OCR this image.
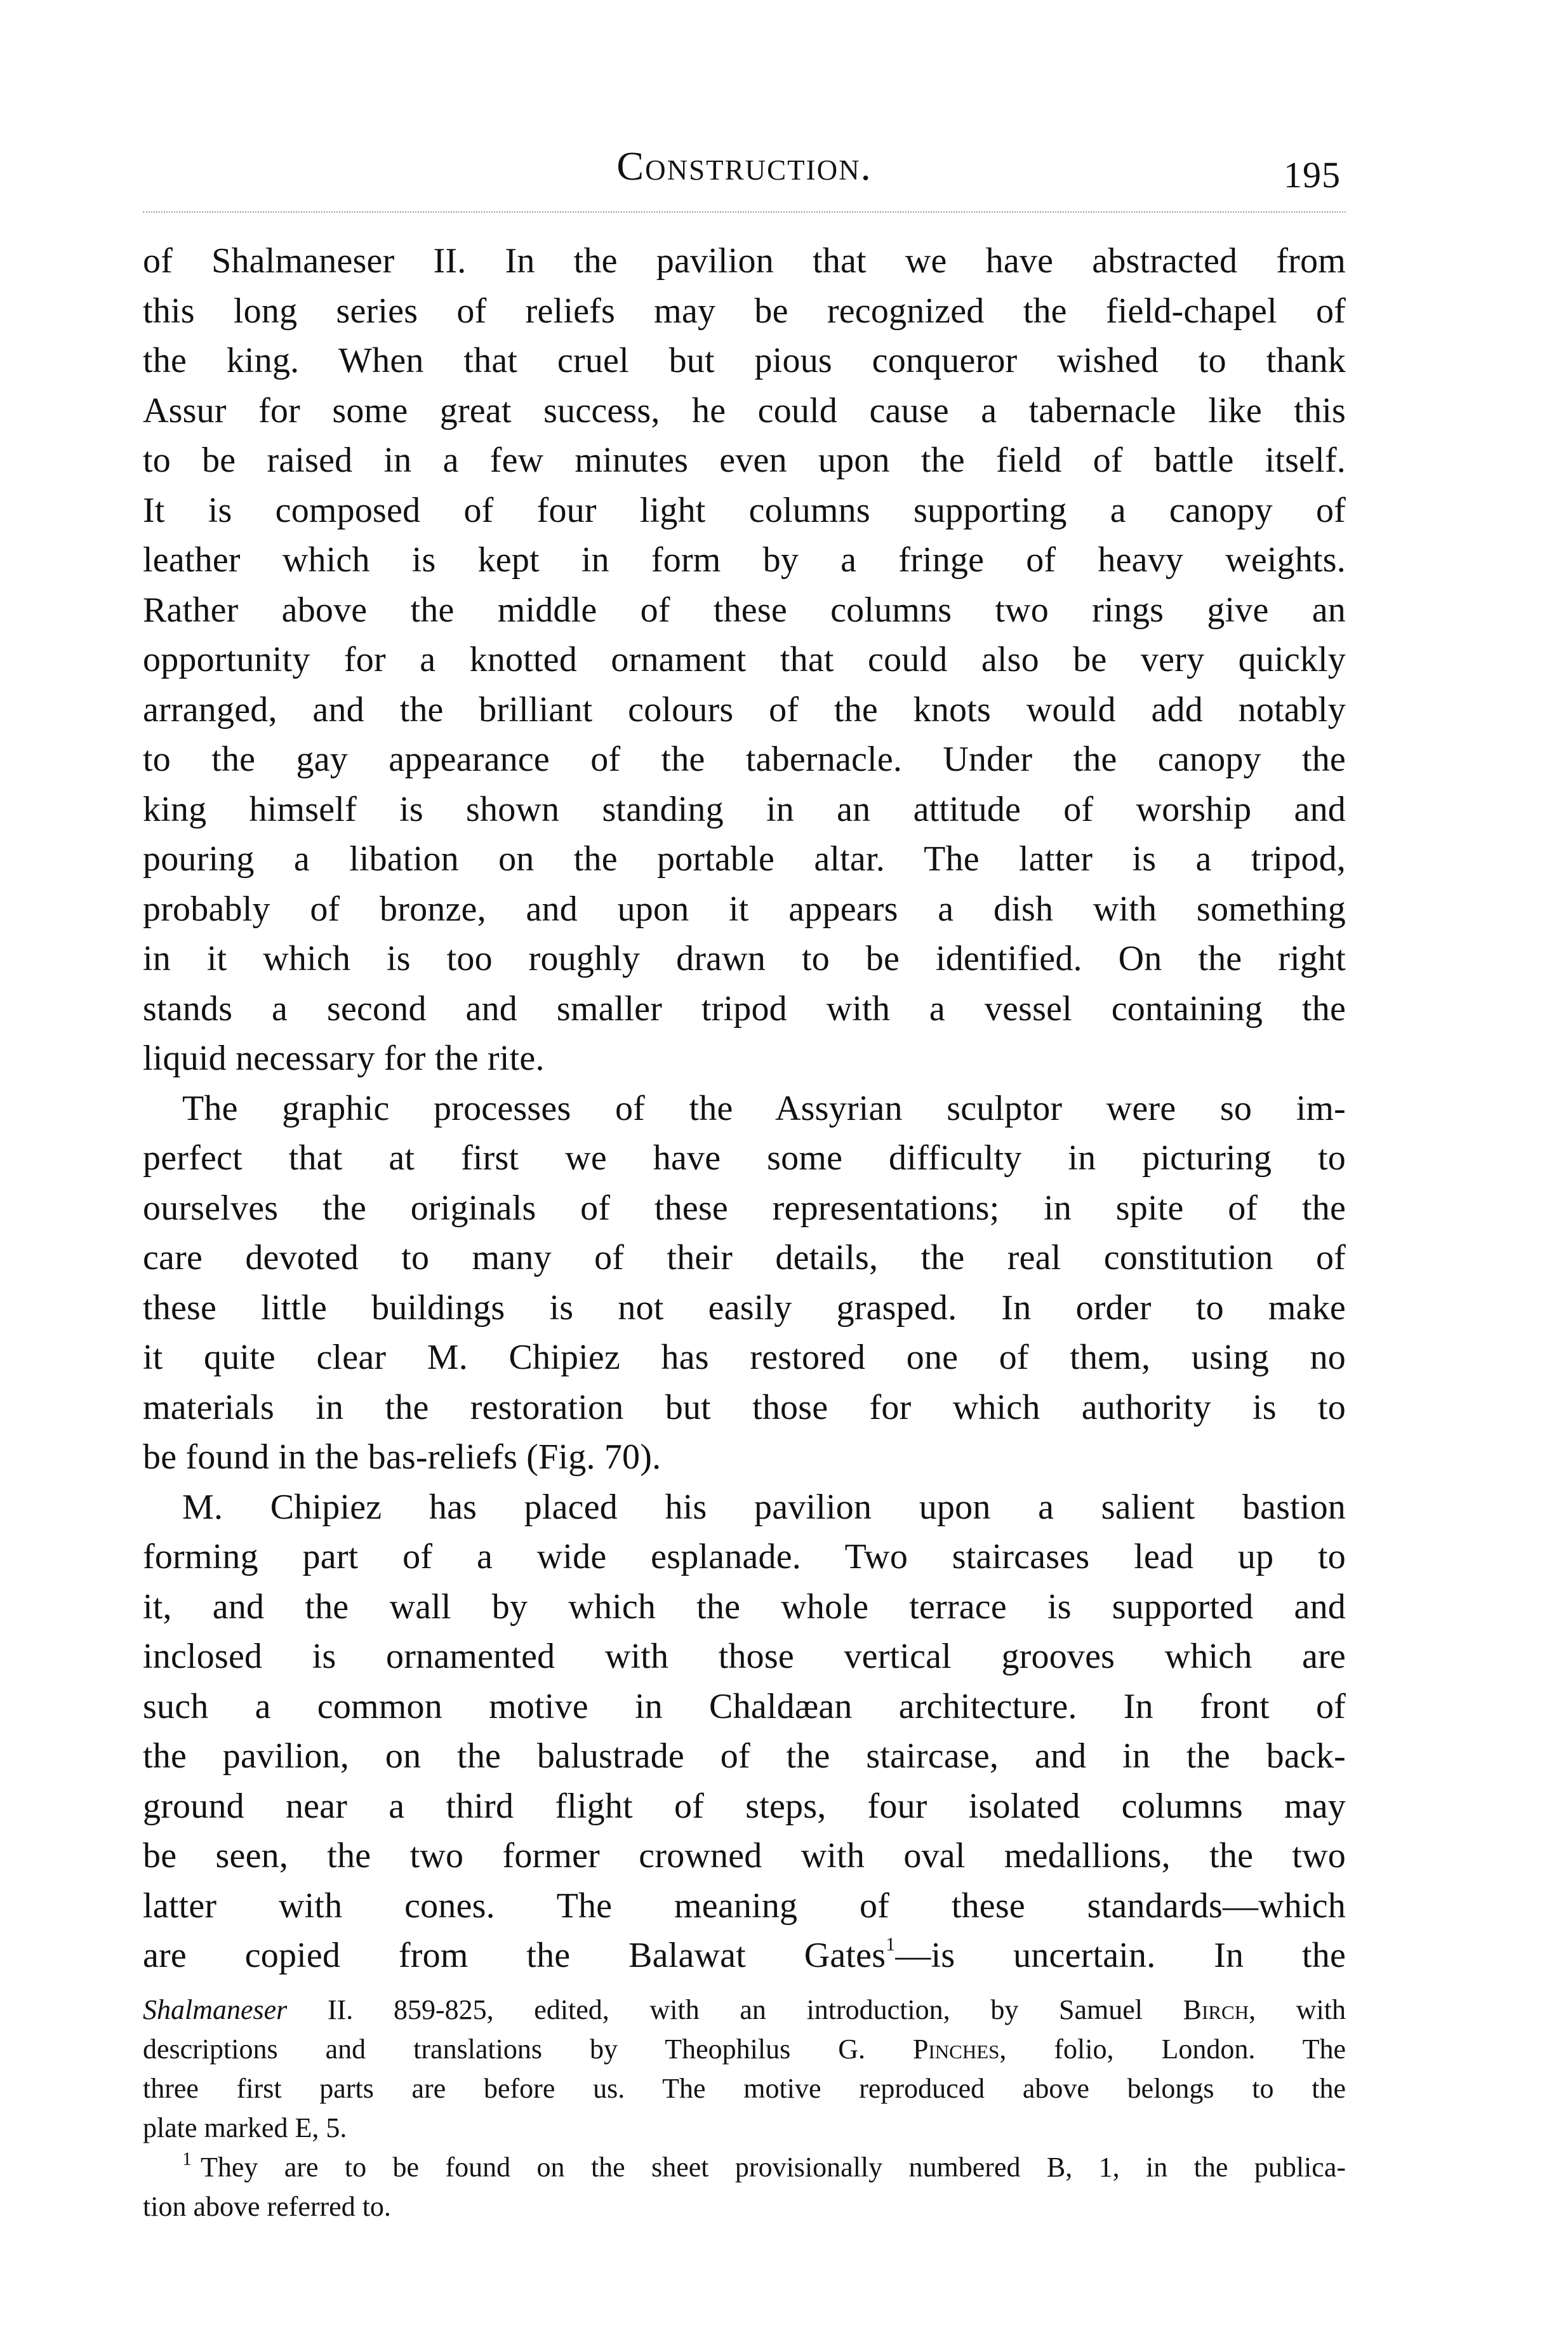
Construction.	195
of Shalmaneser II. In the pavilion that we have abstracted from
this long series of reliefs may be recognized the field-chapel of
the king. When that cruel but pious conqueror wished to thank
Assur for some great success, he could cause a tabernacle like this
to be raised in a few minutes even upon the field of battle itself.
It is composed of four light columns supporting a canopy of
leather which is kept in form by a fringe of heavy weights.
Rather above the middle of these columns two rings give an
opportunity for a knotted ornament that could also be very quickly
arranged, and the brilliant colours of the knots would add notably
to the gay appearance of the tabernacle. Under the canopy the
king himself is shown standing in an attitude of worship and
pouring a libation on the portable altar. The latter is a tripod,
probably of bronze, and upon it appears a dish with something
in it which is too roughly drawn to be identified. On the right
stands a second and smaller tripod with a vessel containing the
liquid necessary for the rite.
The graphic processes of the Assyrian sculptor were so im-
perfect that at first we have some difficulty in picturing to
ourselves the originals of these representations; in spite of the
care devoted to many of their details, the real constitution of
these little buildings is not easily grasped. In order to make
it quite clear M. Chipiez has restored one of them, using no
materials in the restoration but those for which authority is to
be found in the bas-reliefs (Fig. 70).
M. Chipiez has placed his pavilion upon a salient bastion
forming part of a wide esplanade. Two staircases lead up to
it, and the wall by which the whole terrace is supported and
inclosed is ornamented with those vertical grooves which are
such a common motive in Chaldæan architecture. In front of
the pavilion, on the balustrade of the staircase, and in the back-
ground near a third flight of steps, four isolated columns may
be seen, the two former crowned with oval medallions, the two
latter with cones. The meaning of these standards—which
are copied from the Balawat Gates$^1$—is uncertain. In the
Shalmaneser II. 859-825, edited, with an introduction, by Samuel Birch, with
descriptions and translations by Theophilus G. Pinches, folio, London. The
three first parts are before us. The motive reproduced above belongs to the
plate marked E, 5.
$^1$ They are to be found on the sheet provisionally numbered B, 1, in the publica-
tion above referred to.
